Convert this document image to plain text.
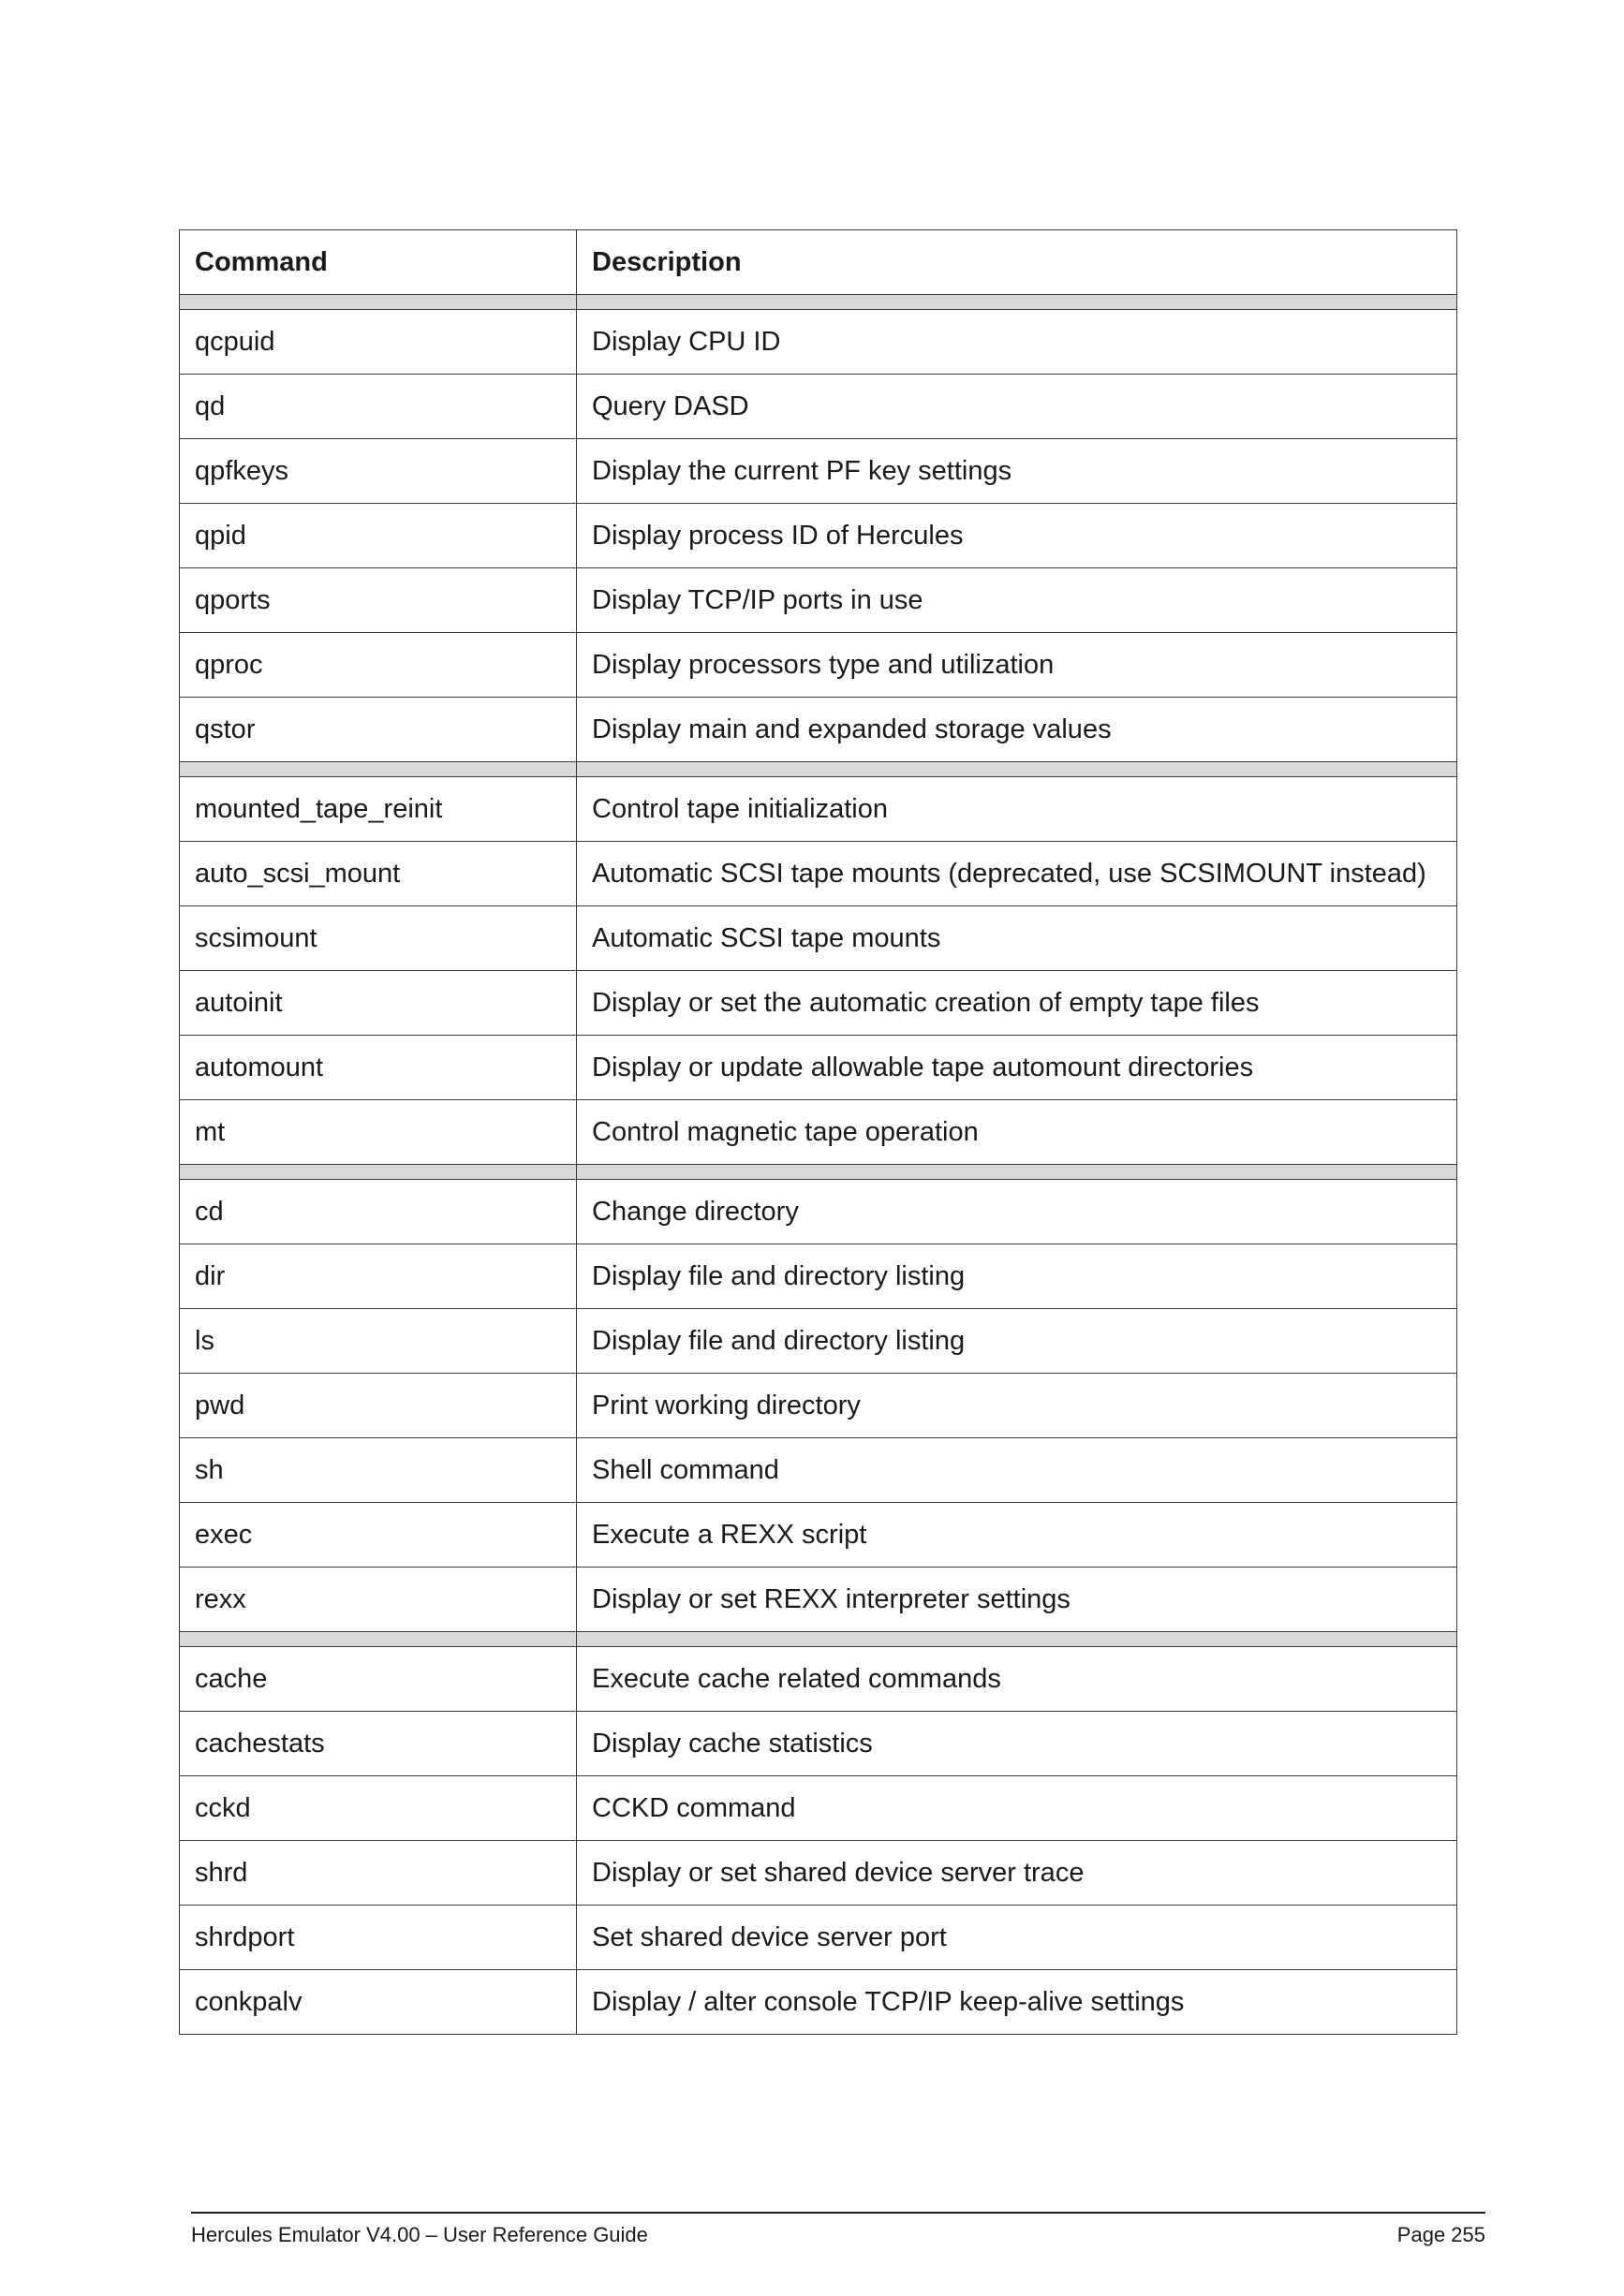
Command	Description

qcpuid	Display CPU ID
qd	Query DASD
qpfkeys	Display the current PF key settings
qpid	Display process ID of Hercules
qports	Display TCP/IP ports in use
qproc	Display processors type and utilization
qstor	Display main and expanded storage values

mounted_tape_reinit	Control tape initialization
auto_scsi_mount	Automatic SCSI tape mounts (deprecated, use SCSIMOUNT instead)
scsimount	Automatic SCSI tape mounts
autoinit	Display or set the automatic creation of empty tape files
automount	Display or update allowable tape automount directories
mt	Control magnetic tape operation

cd	Change directory
dir	Display file and directory listing
ls	Display file and directory listing
pwd	Print working directory
sh	Shell command
exec	Execute a REXX script
rexx	Display or set REXX interpreter settings

cache	Execute cache related commands
cachestats	Display cache statistics
cckd	CCKD command
shrd	Display or set shared device server trace
shrdport	Set shared device server port
conkpalv	Display / alter console TCP/IP keep-alive settings
Hercules Emulator V4.00 – User Reference Guide	Page 255
